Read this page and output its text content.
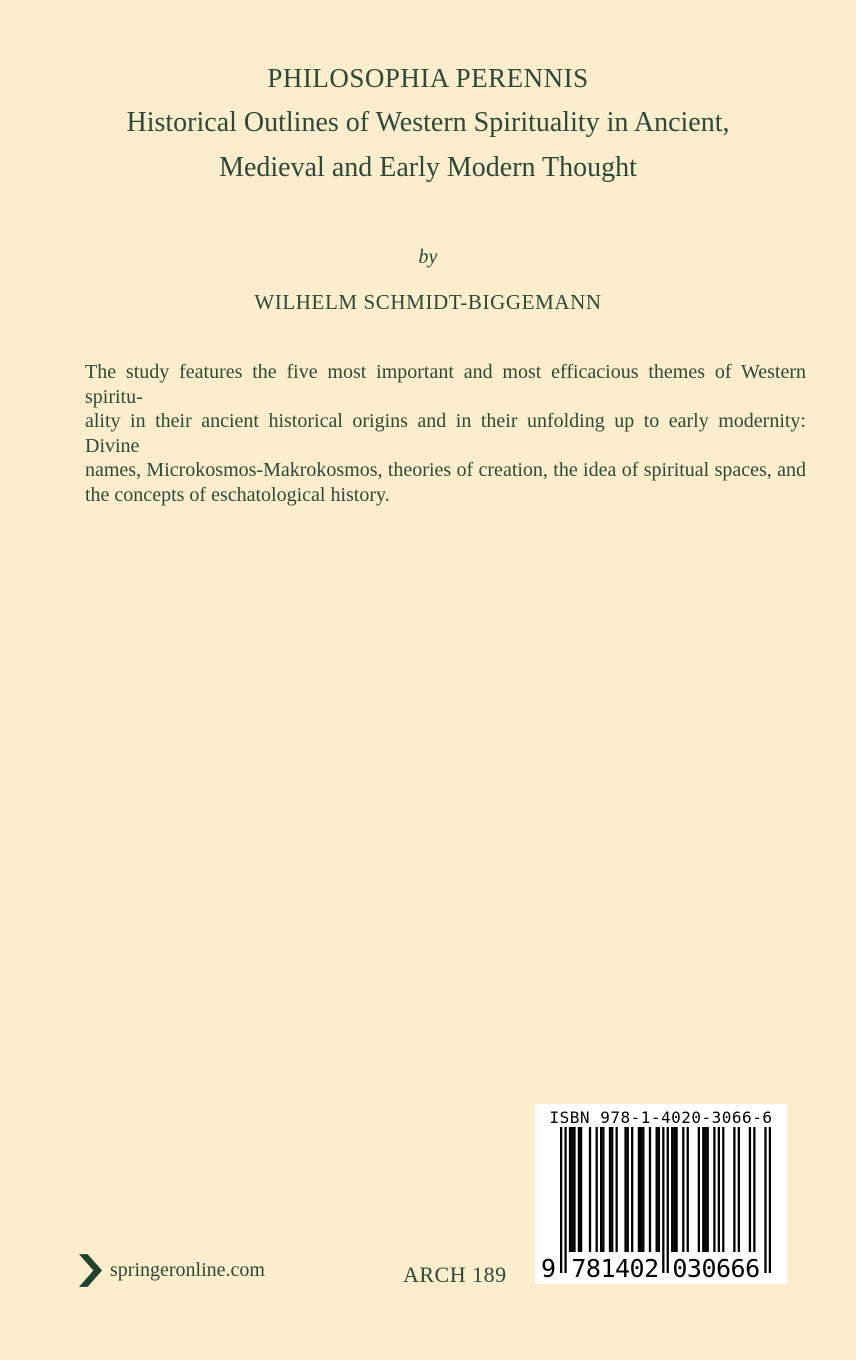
PHILOSOPHIA PERENNIS
Historical Outlines of Western Spirituality in Ancient,
Medieval and Early Modern Thought
by
WILHELM SCHMIDT-BIGGEMANN
The study features the five most important and most efficacious themes of Western spiritu-
ality in their ancient historical origins and in their unfolding up to early modernity: Divine
names, Microkosmos-Makrokosmos, theories of creation, the idea of spiritual spaces, and
the concepts of eschatological history.
ISBN 978-1-4020-3066-6
9 781402 030666
springeronline.com	ARCH 189
